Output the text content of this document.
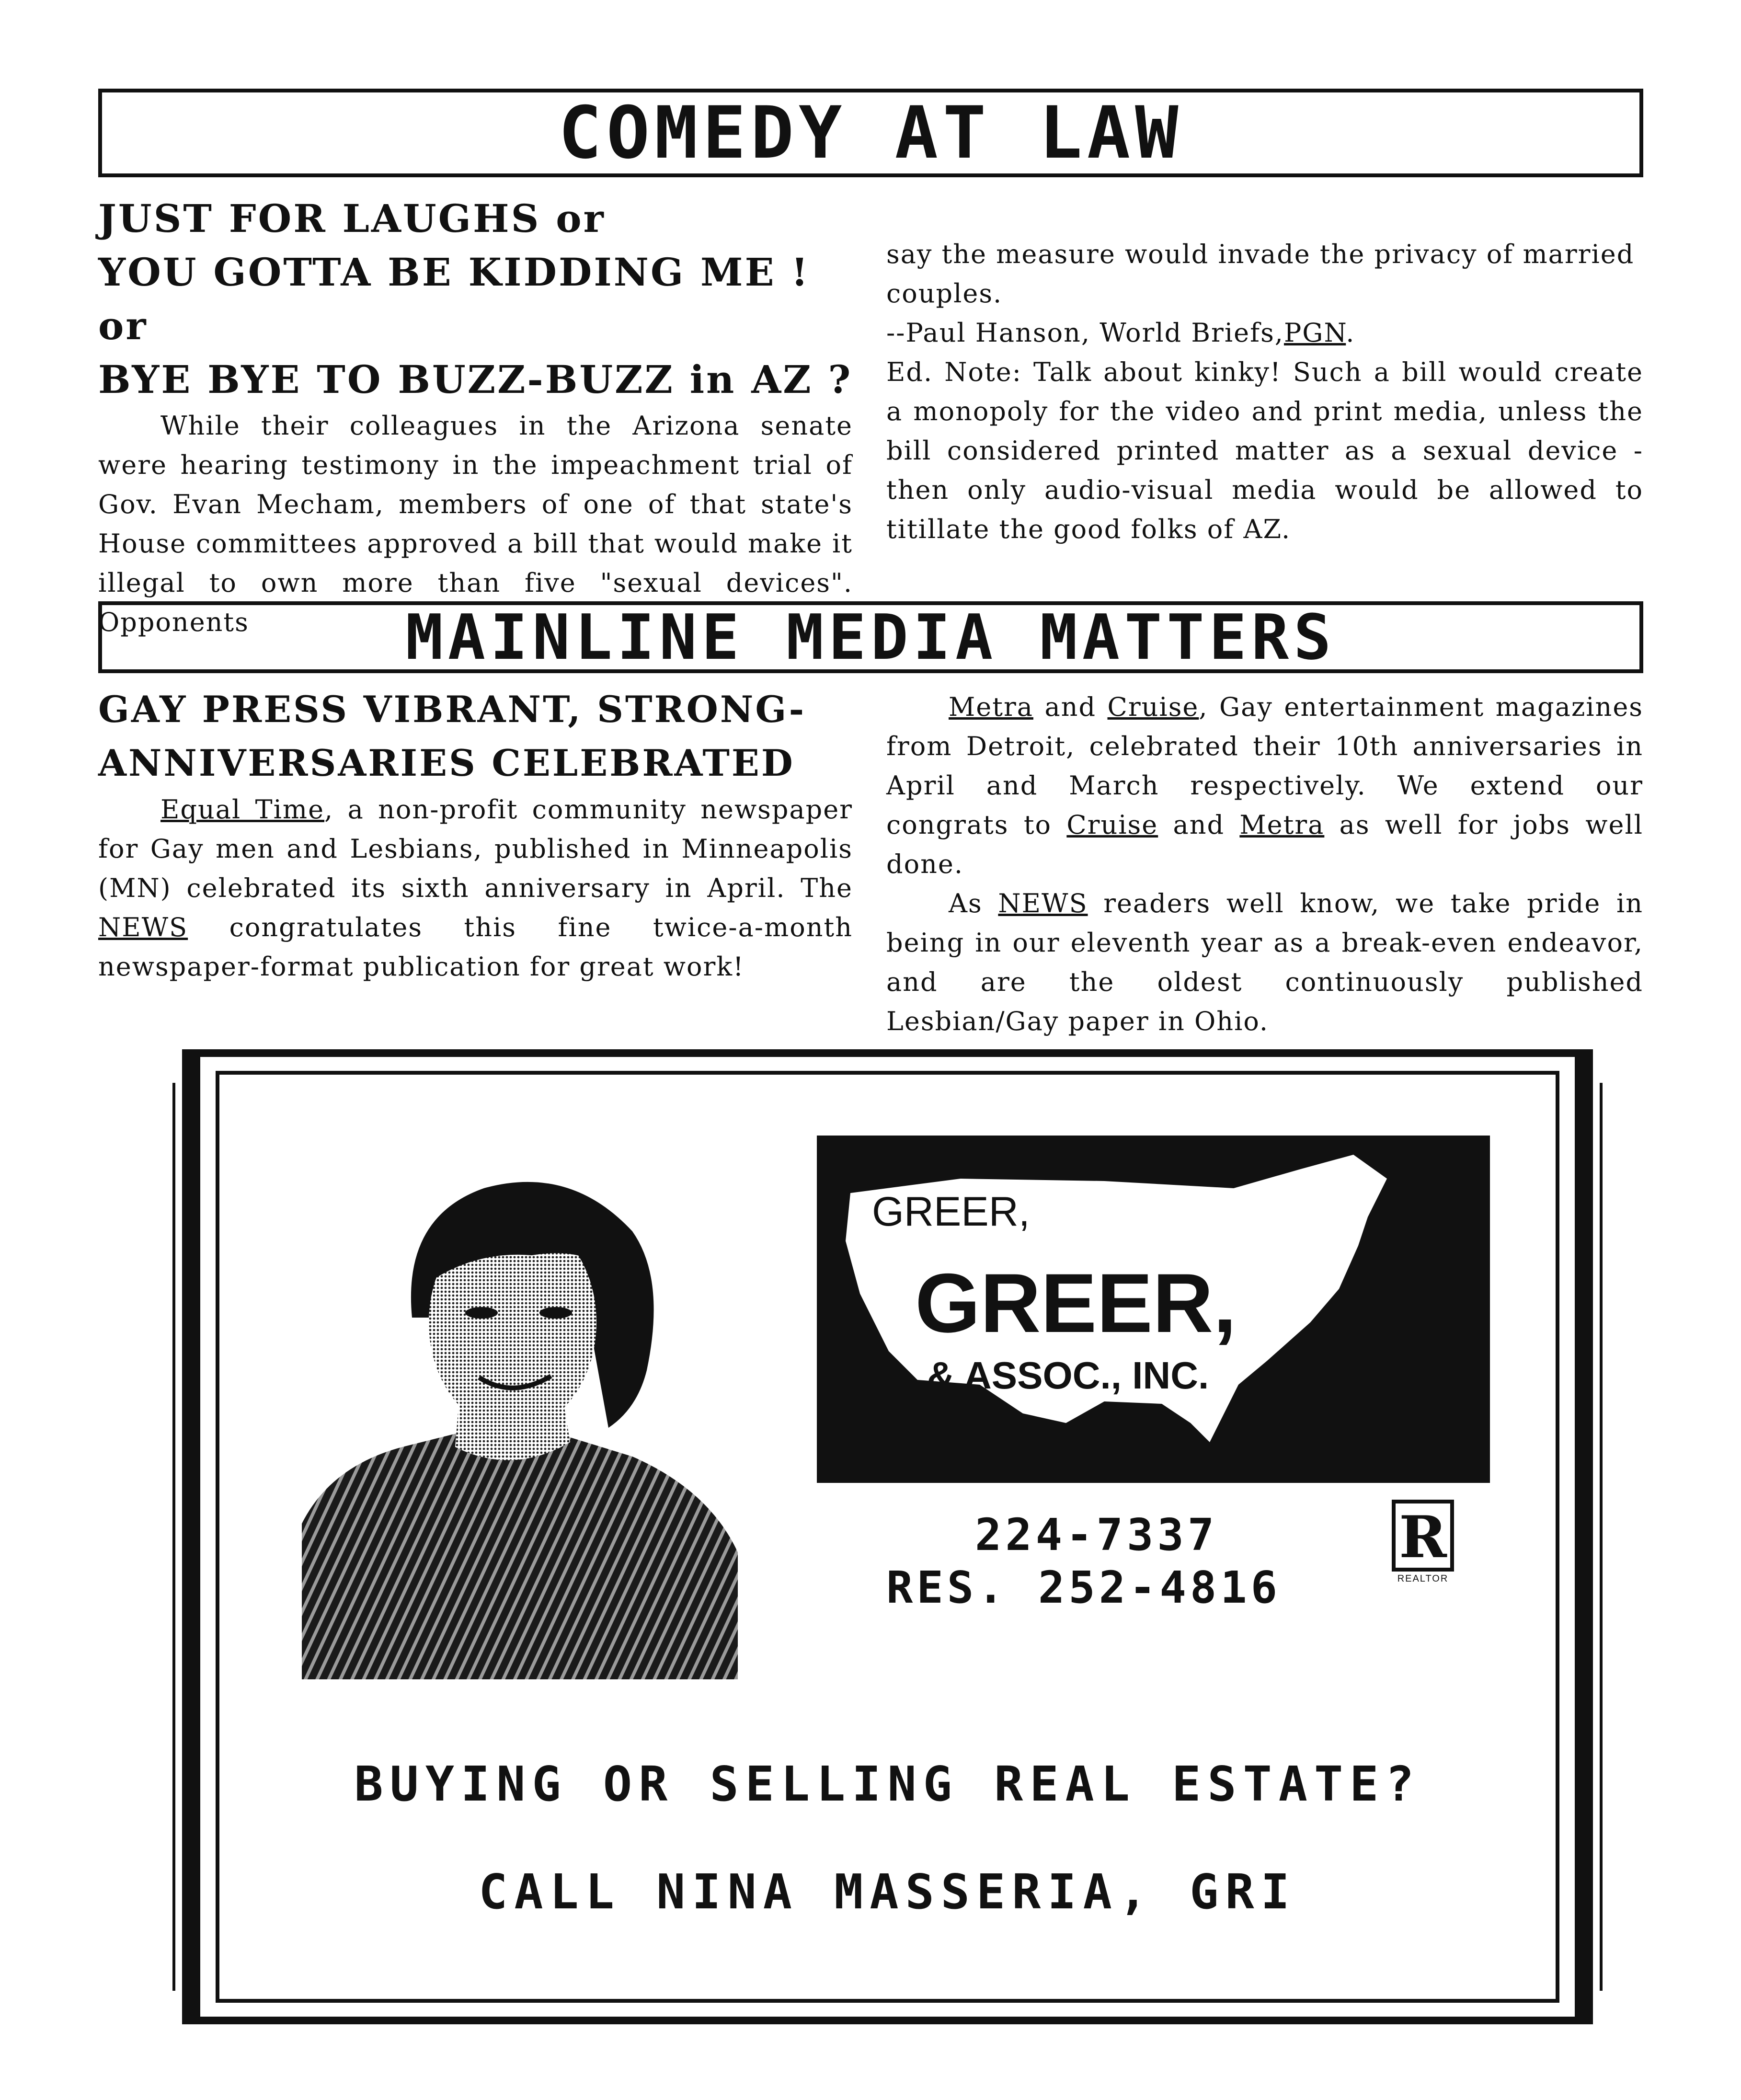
COMEDY AT LAW

JUST FOR LAUGHS or

YOU GOTTA BE KIDDING ME ! or

BYE BYE TO BUZZ-BUZZ in AZ ?

While their colleagues in the Arizona senate were hearing testimony in the impeachment trial of Gov. Evan Mecham, members of one of that state's House committees approved a bill that would make it illegal to own more than five "sexual devices". Opponents

say the measure would invade the privacy of married couples.

--Paul Hanson, World Briefs,PGN.

Ed. Note: Talk about kinky! Such a bill would create a monopoly for the video and print media, unless the bill considered printed matter as a sexual device - then only audio-visual media would be allowed to titillate the good folks of AZ.

MAINLINE MEDIA MATTERS

GAY PRESS VIBRANT, STRONG-

ANNIVERSARIES CELEBRATED

Equal Time, a non-profit community newspaper for Gay men and Lesbians, published in Minneapolis (MN) celebrated its sixth anniversary in April. The NEWS congratulates this fine twice-a-month newspaper-format publication for great work!

Metra and Cruise, Gay entertainment magazines from Detroit, celebrated their 10th anniversaries in April and March respectively. We extend our congrats to Cruise and Metra as well for jobs well done.

As NEWS readers well know, we take pride in being in our eleventh year as a break-even endeavor, and are the oldest continuously published Lesbian/Gay paper in Ohio.

GREER,
GREER,
& ASSOC., INC.
224-7337
RES. 252-4816
R
REALTOR
BUYING OR SELLING REAL ESTATE?
CALL NINA MASSERIA, GRI
